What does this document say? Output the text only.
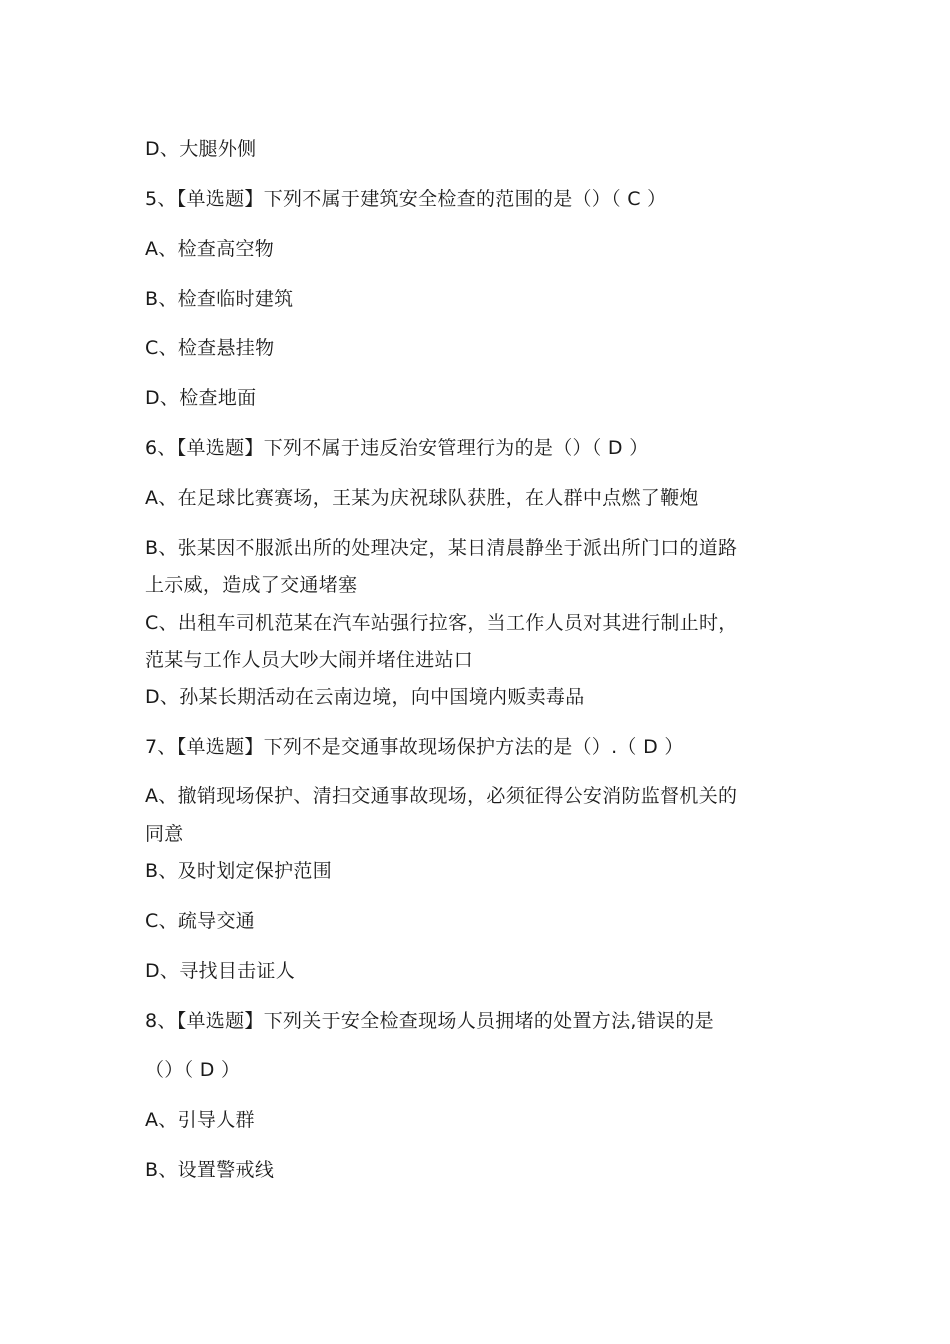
D、大腿外侧
5、【单选题】下列不属于建筑安全检查的范围的是（）（ C ）
A、检查高空物
B、检查临时建筑
C、检查悬挂物
D、检查地面
6、【单选题】下列不属于违反治安管理行为的是（）（ D ）
A、在足球比赛赛场，王某为庆祝球队获胜，在人群中点燃了鞭炮
B、张某因不服派出所的处理决定，某日清晨静坐于派出所门口的道路
上示威，造成了交通堵塞
C、出租车司机范某在汽车站强行拉客，当工作人员对其进行制止时，
范某与工作人员大吵大闹并堵住进站口
D、孙某长期活动在云南边境，向中国境内贩卖毒品
7、【单选题】下列不是交通事故现场保护方法的是（）.（ D ）
A、撤销现场保护、清扫交通事故现场，必须征得公安消防监督机关的
同意
B、及时划定保护范围
C、疏导交通
D、寻找目击证人
8、【单选题】下列关于安全检查现场人员拥堵的处置方法,错误的是
（）（ D ）
A、引导人群
B、设置警戒线
